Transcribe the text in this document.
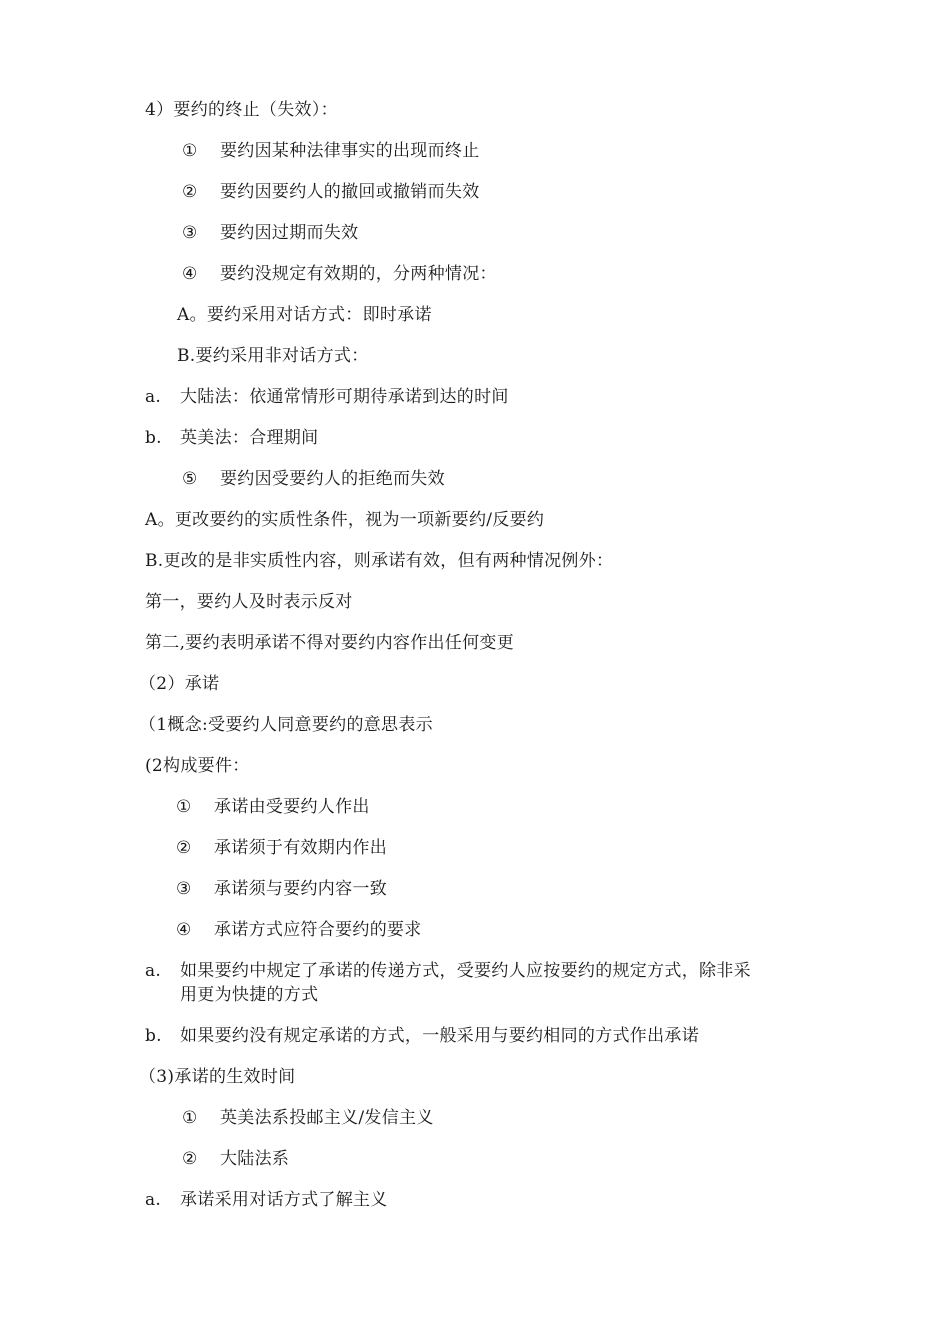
4）要约的终止（失效）：
① 要约因某种法律事实的出现而终止
② 要约因要约人的撤回或撤销而失效
③ 要约因过期而失效
④ 要约没规定有效期的，分两种情况：
A。要约采用对话方式：即时承诺
B.要约采用非对话方式：
a. 大陆法：依通常情形可期待承诺到达的时间
b. 英美法：合理期间
⑤ 要约因受要约人的拒绝而失效
A。更改要约的实质性条件，视为一项新要约/反要约
B.更改的是非实质性内容，则承诺有效，但有两种情况例外：
第一，要约人及时表示反对
第二,要约表明承诺不得对要约内容作出任何变更
（2）承诺
（1概念:受要约人同意要约的意思表示
(2构成要件：
① 承诺由受要约人作出
② 承诺须于有效期内作出
③ 承诺须与要约内容一致
④ 承诺方式应符合要约的要求
a. 如果要约中规定了承诺的传递方式，受要约人应按要约的规定方式，除非采
用更为快捷的方式
b. 如果要约没有规定承诺的方式，一般采用与要约相同的方式作出承诺
（3)承诺的生效时间
① 英美法系投邮主义/发信主义
② 大陆法系
a. 承诺采用对话方式了解主义
